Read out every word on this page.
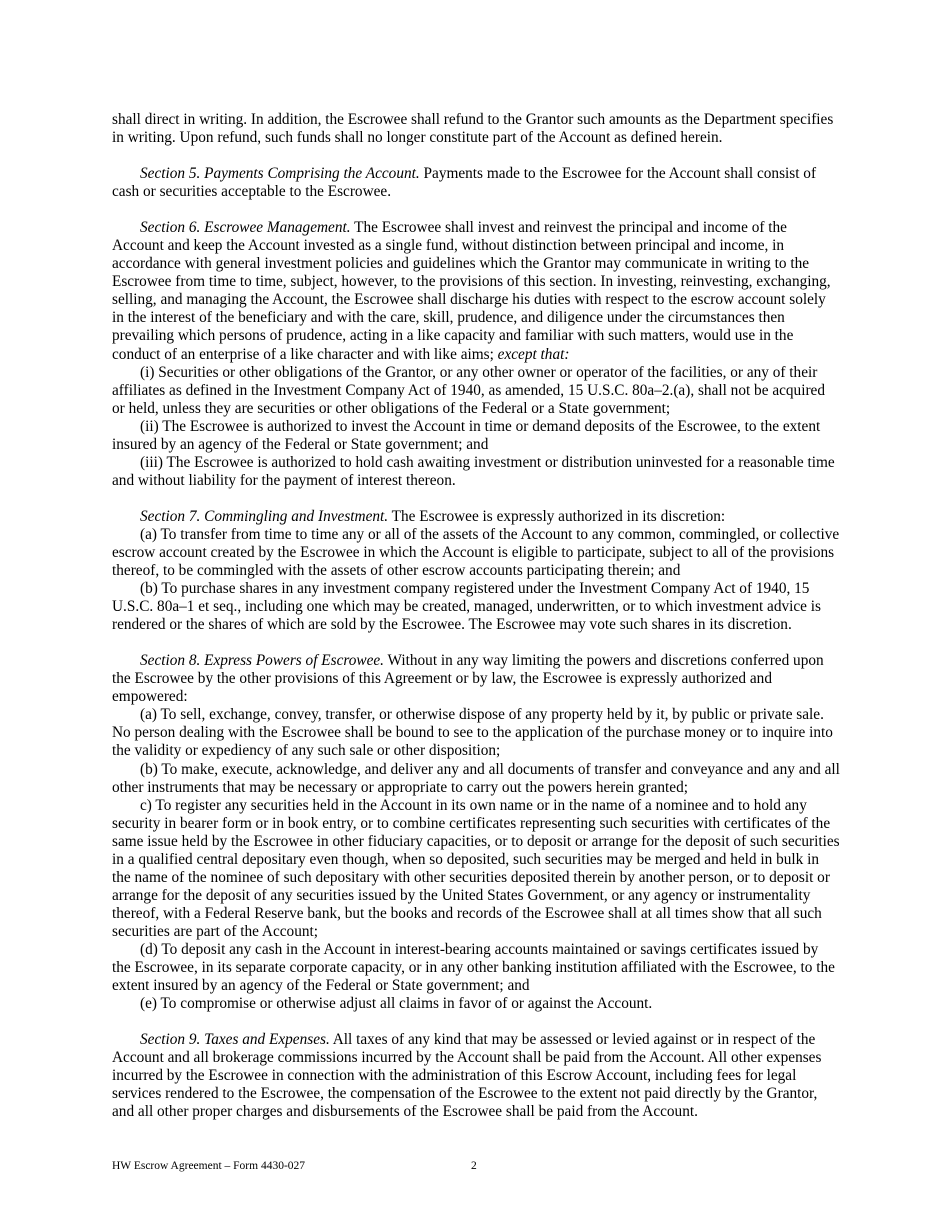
shall direct in writing. In addition, the Escrowee shall refund to the Grantor such amounts as the Department specifies in writing. Upon refund, such funds shall no longer constitute part of the Account as defined herein.

Section 5. Payments Comprising the Account. Payments made to the Escrowee for the Account shall consist of cash or securities acceptable to the Escrowee.

Section 6. Escrowee Management. The Escrowee shall invest and reinvest the principal and income of the Account and keep the Account invested as a single fund, without distinction between principal and income, in accordance with general investment policies and guidelines which the Grantor may communicate in writing to the Escrowee from time to time, subject, however, to the provisions of this section. In investing, reinvesting, exchanging, selling, and managing the Account, the Escrowee shall discharge his duties with respect to the escrow account solely in the interest of the beneficiary and with the care, skill, prudence, and diligence under the circumstances then prevailing which persons of prudence, acting in a like capacity and familiar with such matters, would use in the conduct of an enterprise of a like character and with like aims; except that:

(i) Securities or other obligations of the Grantor, or any other owner or operator of the facilities, or any of their affiliates as defined in the Investment Company Act of 1940, as amended, 15 U.S.C. 80a–2.(a), shall not be acquired or held, unless they are securities or other obligations of the Federal or a State government;

(ii) The Escrowee is authorized to invest the Account in time or demand deposits of the Escrowee, to the extent insured by an agency of the Federal or State government; and

(iii) The Escrowee is authorized to hold cash awaiting investment or distribution uninvested for a reasonable time and without liability for the payment of interest thereon.

Section 7. Commingling and Investment. The Escrowee is expressly authorized in its discretion:

(a) To transfer from time to time any or all of the assets of the Account to any common, commingled, or collective escrow account created by the Escrowee in which the Account is eligible to participate, subject to all of the provisions thereof, to be commingled with the assets of other escrow accounts participating therein; and

(b) To purchase shares in any investment company registered under the Investment Company Act of 1940, 15 U.S.C. 80a–1 et seq., including one which may be created, managed, underwritten, or to which investment advice is rendered or the shares of which are sold by the Escrowee. The Escrowee may vote such shares in its discretion.

Section 8. Express Powers of Escrowee. Without in any way limiting the powers and discretions conferred upon the Escrowee by the other provisions of this Agreement or by law, the Escrowee is expressly authorized and empowered:

(a) To sell, exchange, convey, transfer, or otherwise dispose of any property held by it, by public or private sale. No person dealing with the Escrowee shall be bound to see to the application of the purchase money or to inquire into the validity or expediency of any such sale or other disposition;

(b) To make, execute, acknowledge, and deliver any and all documents of transfer and conveyance and any and all other instruments that may be necessary or appropriate to carry out the powers herein granted;

c) To register any securities held in the Account in its own name or in the name of a nominee and to hold any security in bearer form or in book entry, or to combine certificates representing such securities with certificates of the same issue held by the Escrowee in other fiduciary capacities, or to deposit or arrange for the deposit of such securities in a qualified central depositary even though, when so deposited, such securities may be merged and held in bulk in the name of the nominee of such depositary with other securities deposited therein by another person, or to deposit or arrange for the deposit of any securities issued by the United States Government, or any agency or instrumentality thereof, with a Federal Reserve bank, but the books and records of the Escrowee shall at all times show that all such securities are part of the Account;

(d) To deposit any cash in the Account in interest-bearing accounts maintained or savings certificates issued by the Escrowee, in its separate corporate capacity, or in any other banking institution affiliated with the Escrowee, to the extent insured by an agency of the Federal or State government; and

(e) To compromise or otherwise adjust all claims in favor of or against the Account.

Section 9. Taxes and Expenses. All taxes of any kind that may be assessed or levied against or in respect of the Account and all brokerage commissions incurred by the Account shall be paid from the Account. All other expenses incurred by the Escrowee in connection with the administration of this Escrow Account, including fees for legal services rendered to the Escrowee, the compensation of the Escrowee to the extent not paid directly by the Grantor, and all other proper charges and disbursements of the Escrowee shall be paid from the Account.

HW Escrow Agreement – Form 4430-027	2
